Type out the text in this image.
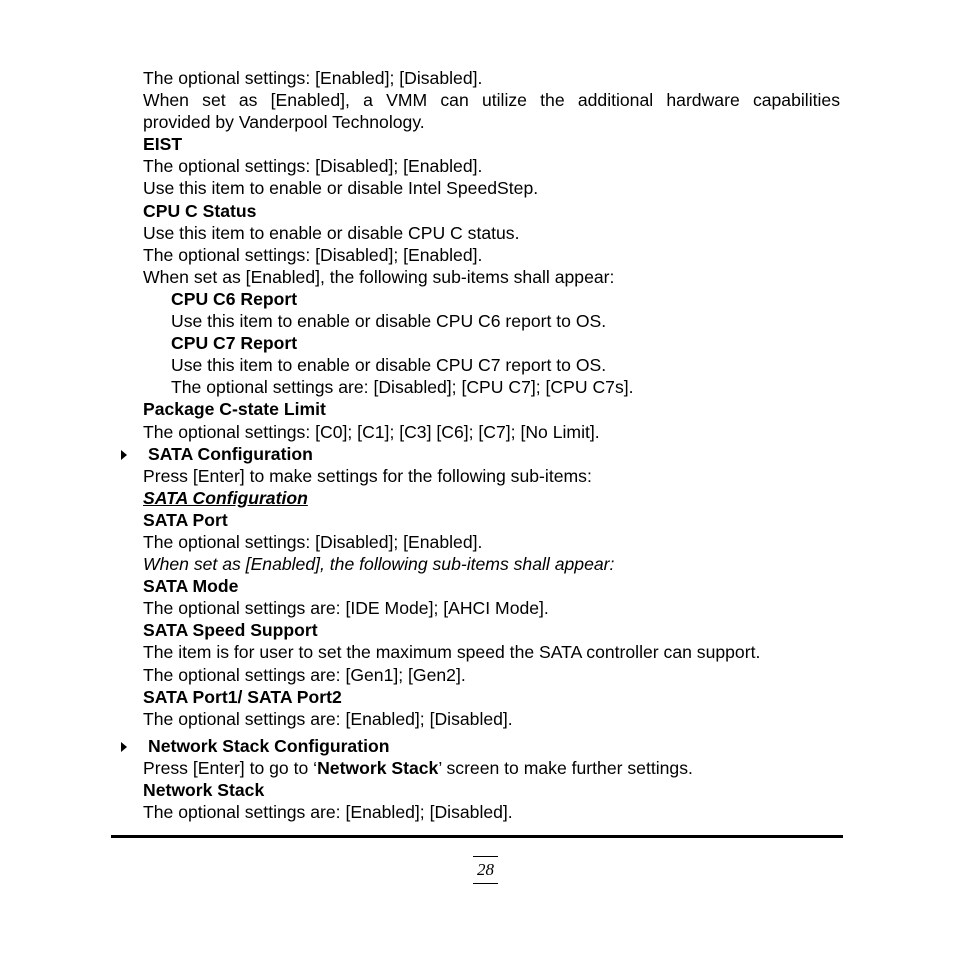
The optional settings: [Enabled]; [Disabled].
When set as [Enabled], a VMM can utilize the additional hardware capabilities
provided by Vanderpool Technology.
EIST
The optional settings: [Disabled]; [Enabled].
Use this item to enable or disable Intel SpeedStep.
CPU C Status
Use this item to enable or disable CPU C status.
The optional settings: [Disabled]; [Enabled].
When set as [Enabled], the following sub-items shall appear:
CPU C6 Report
Use this item to enable or disable CPU C6 report to OS.
CPU C7 Report
Use this item to enable or disable CPU C7 report to OS.
The optional settings are: [Disabled]; [CPU C7]; [CPU C7s].
Package C-state Limit
The optional settings: [C0]; [C1]; [C3] [C6]; [C7]; [No Limit].
SATA Configuration
Press [Enter] to make settings for the following sub-items:
SATA Configuration
SATA Port
The optional settings: [Disabled]; [Enabled].
When set as [Enabled], the following sub-items shall appear:
SATA Mode
The optional settings are: [IDE Mode]; [AHCI Mode].
SATA Speed Support
The item is for user to set the maximum speed the SATA controller can support.
The optional settings are: [Gen1]; [Gen2].
SATA Port1/ SATA Port2
The optional settings are: [Enabled]; [Disabled].
Network Stack Configuration
Press [Enter] to go to ‘Network Stack’ screen to make further settings.
Network Stack
The optional settings are: [Enabled]; [Disabled].
28
